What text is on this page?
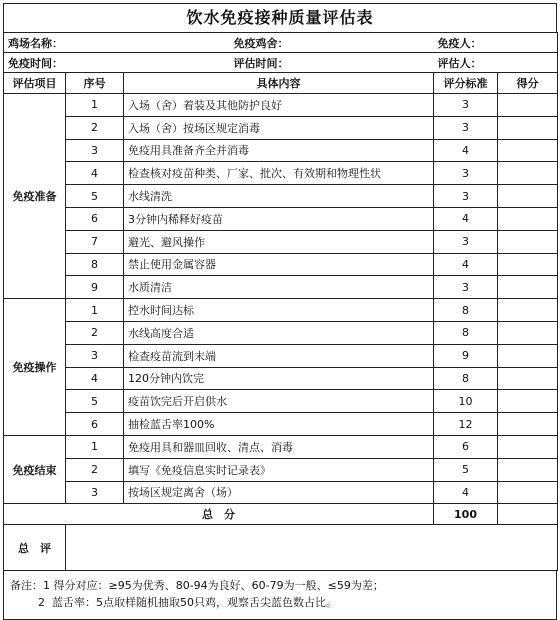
饮水免疫接种质量评估表
鸡场名称：		免疫鸡舍：	免疫人：	
免疫时间：		评估时间：	评估人：	
评估项目	序号	具体内容	评分标准	得分
免疫准备	1	入场（舍）着装及其他防护良好	3	
	2	入场（舍）按场区规定消毒	3	
	3	免疫用具准备齐全并消毒	4	
	4	检查核对疫苗种类、厂家、批次、有效期和物理性状	3	
	5	水线清洗	3	
	6	3分钟内稀释好疫苗	4	
	7	避光、避风操作	3	
	8	禁止使用金属容器	4	
	9	水质清洁	3	
免疫操作	1	控水时间达标	8	
	2	水线高度合适	8	
	3	检查疫苗流到末端	9	
	4	120分钟内饮完	8	
	5	疫苗饮完后开启供水	10	
	6	抽检蓝舌率100%	12	
免疫结束	1	免疫用具和器皿回收、清点、消毒	6	
	2	填写《免疫信息实时记录表》	5	
	3	按场区规定离舍（场）	4	
总　分		100	
总　评			
备注：1 得分对应：≥95为优秀、80-94为良好、60-79为一般、≤59为差；
2  蓝舌率：5点取样随机抽取50只鸡，观察舌尖蓝色数占比。
